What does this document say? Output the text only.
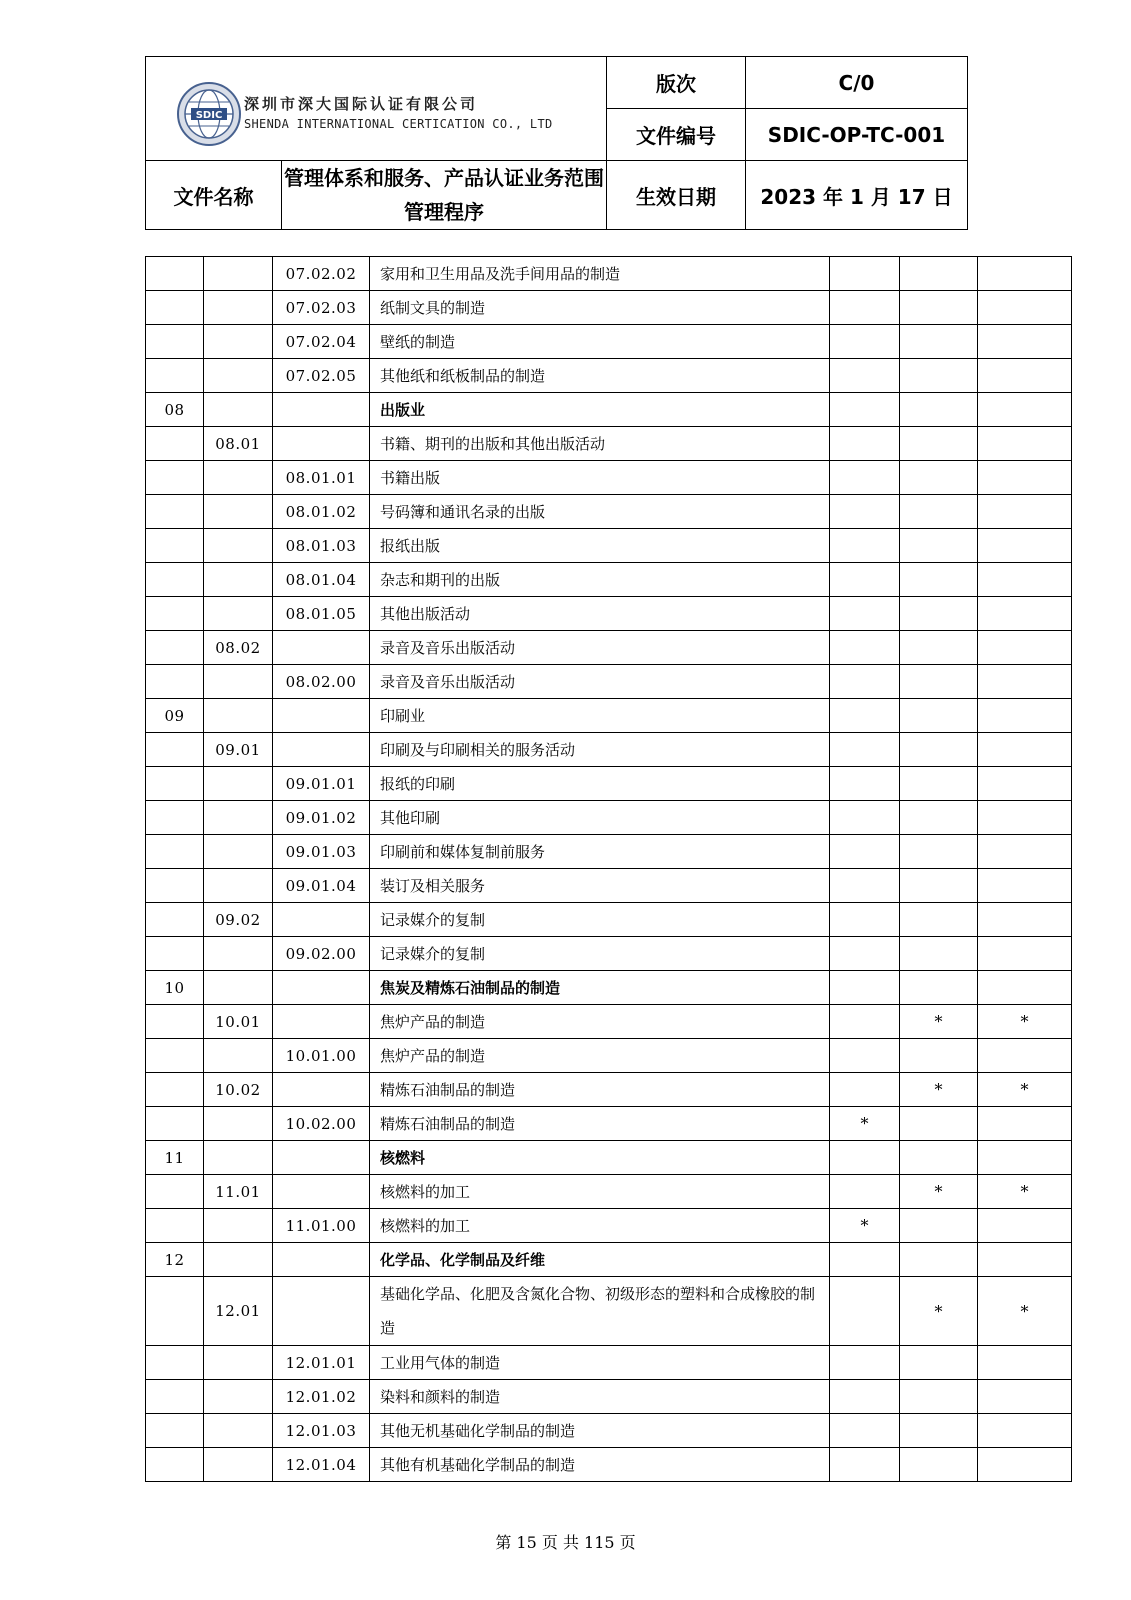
SDIC
深圳市深大国际认证有限公司
SHENDA INTERNATIONAL CERTICATION CO., LTD		版次	C/0
		文件编号	SDIC-OP-TC-001
文件名称	管理体系和服务、产品认证业务范围管理程序	生效日期	2023 年 1 月 17 日
		07.02.02	家用和卫生用品及洗手间用品的制造			
		07.02.03	纸制文具的制造			
		07.02.04	壁纸的制造			
		07.02.05	其他纸和纸板制品的制造			
08			出版业			
	08.01		书籍、期刊的出版和其他出版活动			
		08.01.01	书籍出版			
		08.01.02	号码簿和通讯名录的出版			
		08.01.03	报纸出版			
		08.01.04	杂志和期刊的出版			
		08.01.05	其他出版活动			
	08.02		录音及音乐出版活动			
		08.02.00	录音及音乐出版活动			
09			印刷业			
	09.01		印刷及与印刷相关的服务活动			
		09.01.01	报纸的印刷			
		09.01.02	其他印刷			
		09.01.03	印刷前和媒体复制前服务			
		09.01.04	装订及相关服务			
	09.02		记录媒介的复制			
		09.02.00	记录媒介的复制			
10			焦炭及精炼石油制品的制造			
	10.01		焦炉产品的制造		*	*
		10.01.00	焦炉产品的制造			
	10.02		精炼石油制品的制造		*	*
		10.02.00	精炼石油制品的制造	*		
11			核燃料			
	11.01		核燃料的加工		*	*
		11.01.00	核燃料的加工	*		
12			化学品、化学制品及纤维			
	12.01		基础化学品、化肥及含氮化合物、初级形态的塑料和合成橡胶的制造		*	*
		12.01.01	工业用气体的制造			
		12.01.02	染料和颜料的制造			
		12.01.03	其他无机基础化学制品的制造			
		12.01.04	其他有机基础化学制品的制造			
第 15 页 共 115 页
